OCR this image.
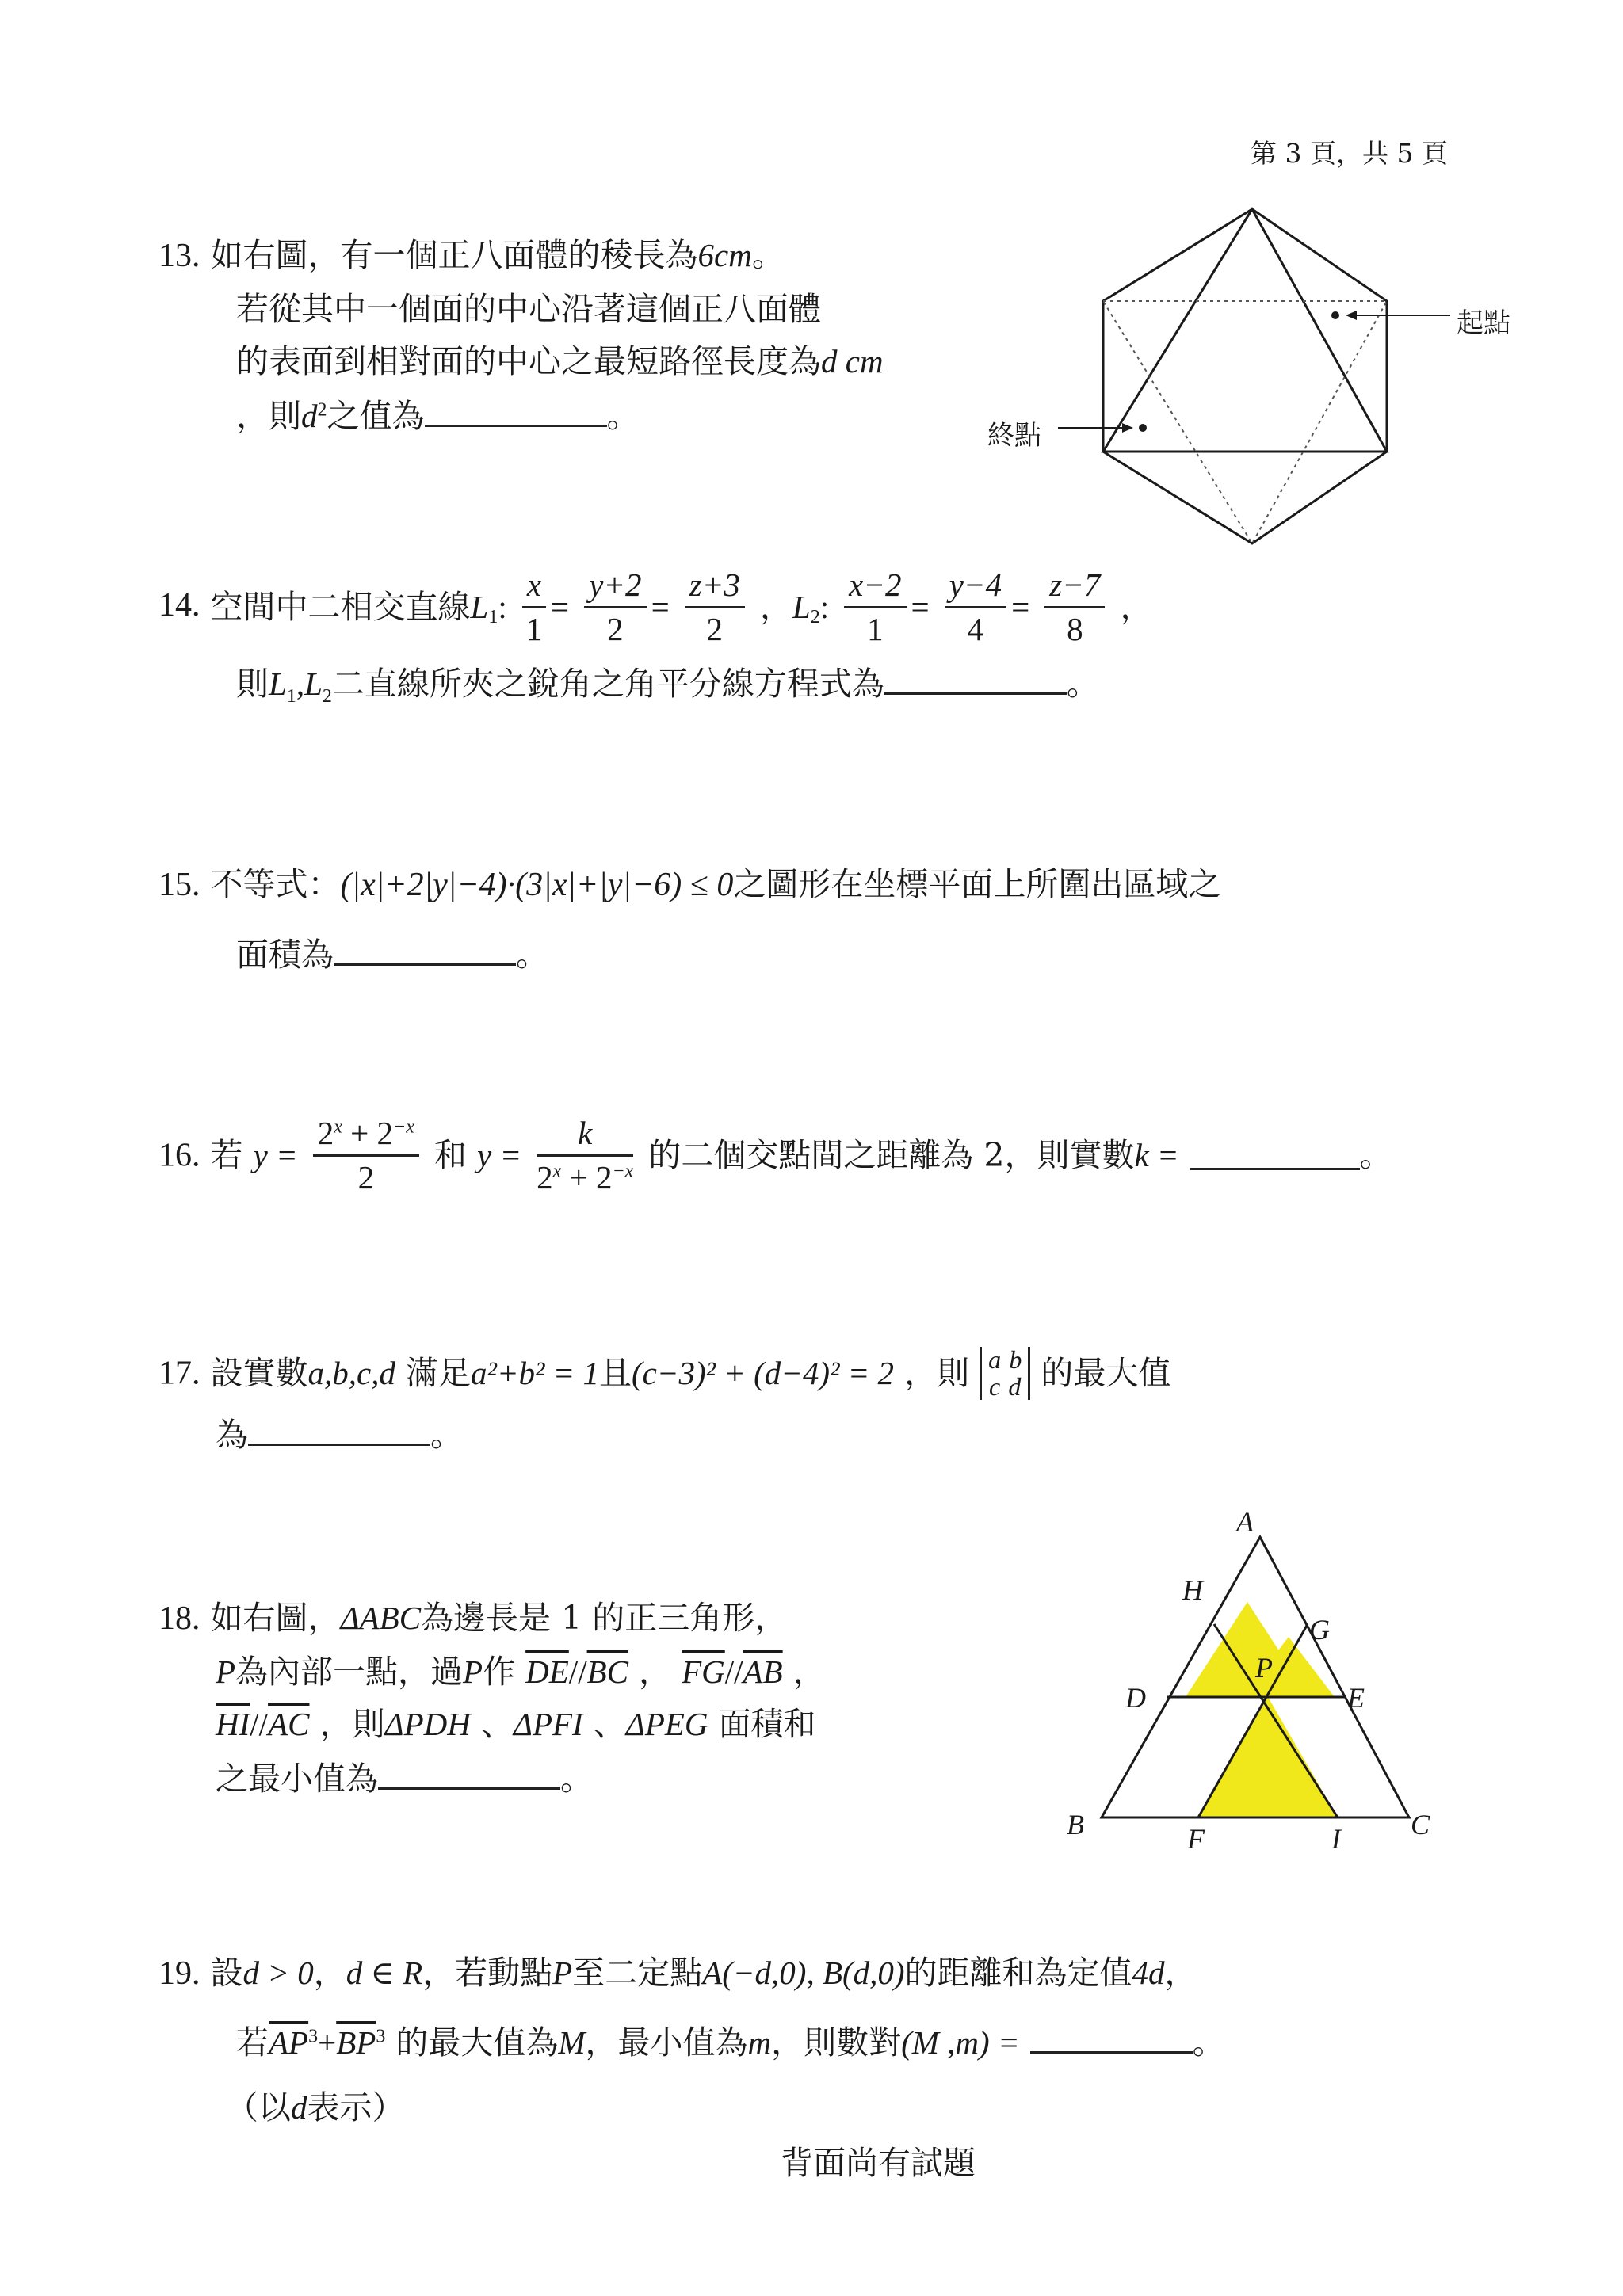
第 3 頁，共 5 頁
13. 如右圖，有一個正八面體的稜長為6cm。
若從其中一個面的中心沿著這個正八面體
的表面到相對面的中心之最短路徑長度為d cm
，則$d^2$之值為	。
起點
終點
14. 空間中二相交直線$L_1$: $\frac{x}{1} = \frac{y+2}{2} = \frac{z+3}{2}$ ，$L_2$: $\frac{x-2}{1} = \frac{y-4}{4} = \frac{z-7}{8}$ ，
則$L_1,L_2$二直線所夾之銳角之角平分線方程式為	。
15. 不等式：(|x|+2|y|−4)·(3|x|+|y|−6) ≤ 0之圖形在坐標平面上所圍出區域之
面積為	。
16. 若 $y = \frac{2^x + 2^{-x}}{2}$ 和 $y = \frac{k}{2^x + 2^{-x}}$ 的二個交點間之距離為 2，則實數k =	。
17. 設實數a,b,c,d 滿足a²+b² = 1且(c−3)² + (d−4)² = 2 ，則 a b
c d 的最大值
為	。
18. 如右圖，ΔABC為邊長是 1 的正三角形，
P為內部一點，過P作 $\overline{DE}//\overline{BC}$ ， $\overline{FG}//\overline{AB}$ ，
$\overline{HI}//\overline{AC}$ ，則ΔPDH 、ΔPFI 、ΔPEG 面積和
之最小值為	。
A
H
G
P
D	E
B	F	I C
19. 設d > 0，d ∈ R，若動點P至二定點A(−d,0), B(d,0)的距離和為定值4d，
若$\overline{AP}^3+\overline{BP}^3$ 的最大值為M，最小值為m，則數對(M ,m) =	。
（以d表示）
背面尚有試題
